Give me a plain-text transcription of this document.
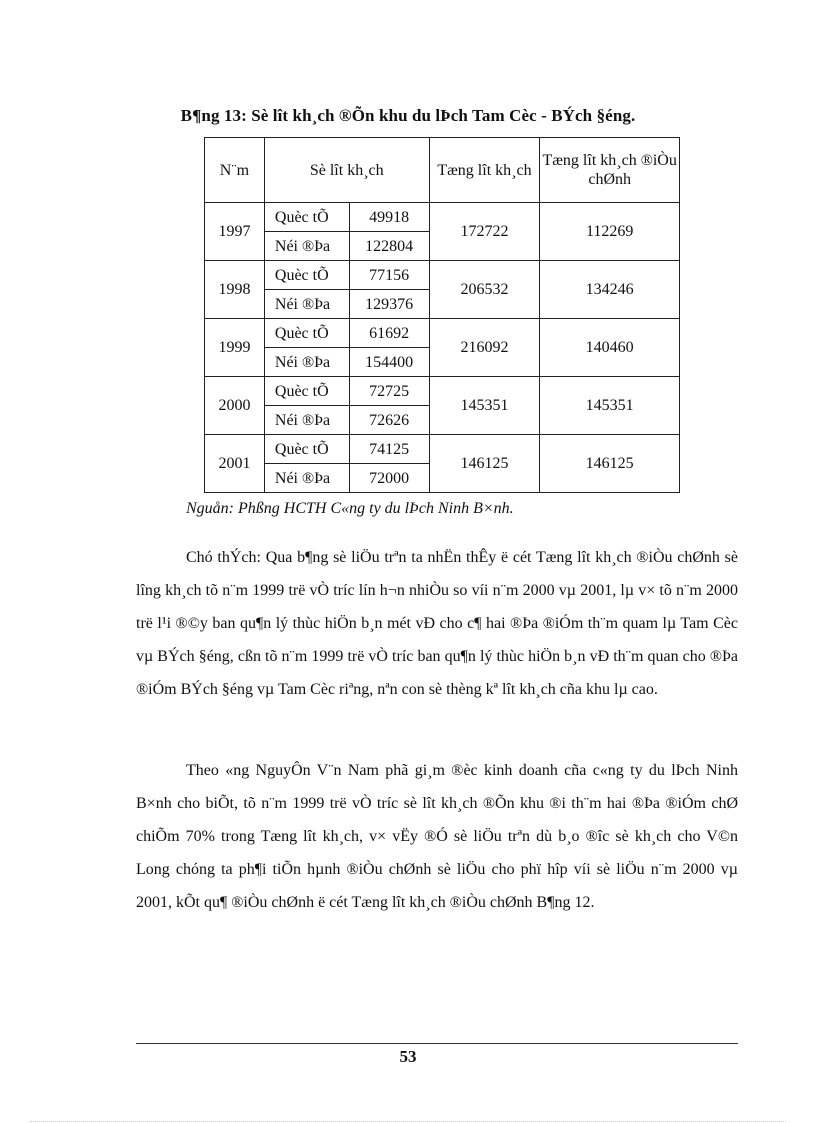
B¶ng 13: Sè lît kh¸ch ®Õn khu du lÞch Tam Cèc - BÝch §éng.
N¨m	Sè lît kh¸ch		Tæng lît kh¸ch	Tæng lît kh¸ch ®iÒu chØnh
1997	Quèc tÕ	49918	172722	112269
	Néi ®Þa	122804		
1998	Quèc tÕ	77156	206532	134246
	Néi ®Þa	129376		
1999	Quèc tÕ	61692	216092	140460
	Néi ®Þa	154400		
2000	Quèc tÕ	72725	145351	145351
	Néi ®Þa	72626		
2001	Quèc tÕ	74125	146125	146125
	Néi ®Þa	72000		
Nguån: Phßng HCTH C«ng ty du lÞch Ninh B×nh.

Chó thÝch: Qua b¶ng sè liÖu trªn ta nhËn thÊy ë cét Tæng lît kh¸ch ®iÒu chØnh sè lîng kh¸ch tõ n¨m 1999 trë vÒ tríc lín h¬n nhiÒu so víi n¨m 2000 vµ 2001, lµ v× tõ n¨m 2000 trë l¹i ®©y ban qu¶n lý thùc hiÖn b¸n mét vÐ cho c¶ hai ®Þa ®iÓm th¨m quam lµ Tam Cèc vµ BÝch §éng, cßn tõ n¨m 1999 trë vÒ tríc ban qu¶n lý thùc hiÖn b¸n vÐ th¨m quan cho ®Þa ®iÓm BÝch §éng vµ Tam Cèc riªng, nªn con sè thèng kª lît kh¸ch cña khu lµ cao.

Theo «ng NguyÔn V¨n Nam phã gi¸m ®èc kinh doanh cña c«ng ty du lÞch Ninh B×nh cho biÕt, tõ n¨m 1999 trë vÒ tríc sè lît kh¸ch ®Õn khu ®i th¨m hai ®Þa ®iÓm chØ chiÕm 70% trong Tæng lît kh¸ch, v× vËy ®Ó sè liÖu trªn dù b¸o ®îc sè kh¸ch cho V©n Long chóng ta ph¶i tiÕn hµnh ®iÒu chØnh sè liÖu cho phï hîp víi sè liÖu n¨m 2000 vµ 2001, kÕt qu¶ ®iÒu chØnh ë cét Tæng lît kh¸ch ®iÒu chØnh B¶ng 12.

53
